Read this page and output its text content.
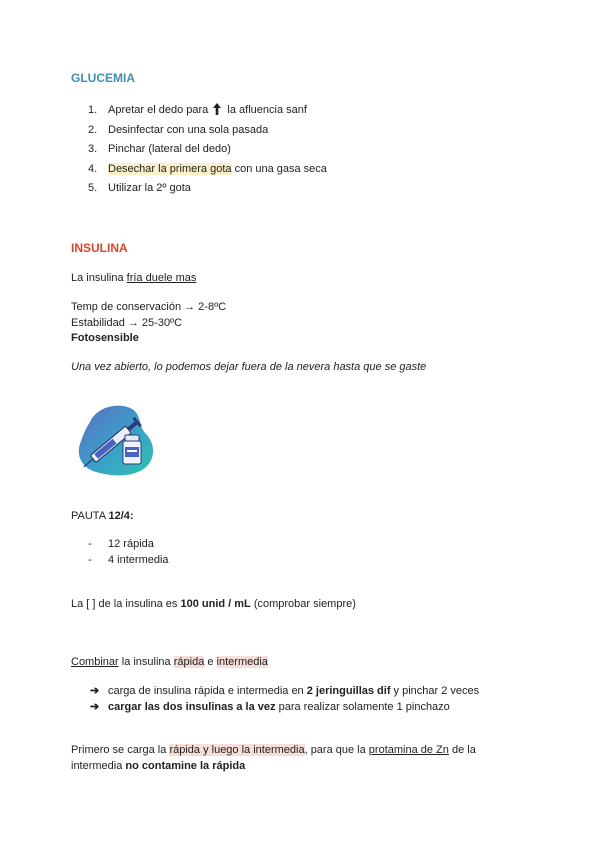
GLUCEMIA
1. Apretar el dedo para la afluencia sanf
2. Desinfectar con una sola pasada
3. Pinchar (lateral del dedo)
4. Desechar la primera gota con una gasa seca
5. Utilizar la 2º gota
INSULINA
La insulina fría duele mas
Temp de conservación → 2-8ºC
Estabilidad → 25-30ºC
Fotosensible
Una vez abierto, lo podemos dejar fuera de la nevera hasta que se gaste
PAUTA 12/4:
- 12 rápida
- 4 intermedia
La [ ] de la insulina es 100 unid / mL (comprobar siempre)
Combinar la insulina rápida e intermedia
➔ carga de insulina rápida e intermedia en 2 jeringuillas dif y pinchar 2 veces
➔ cargar las dos insulinas a la vez para realizar solamente 1 pinchazo
Primero se carga la rápida y luego la intermedia, para que la protamina de Zn de la
intermedia no contamine la rápida
